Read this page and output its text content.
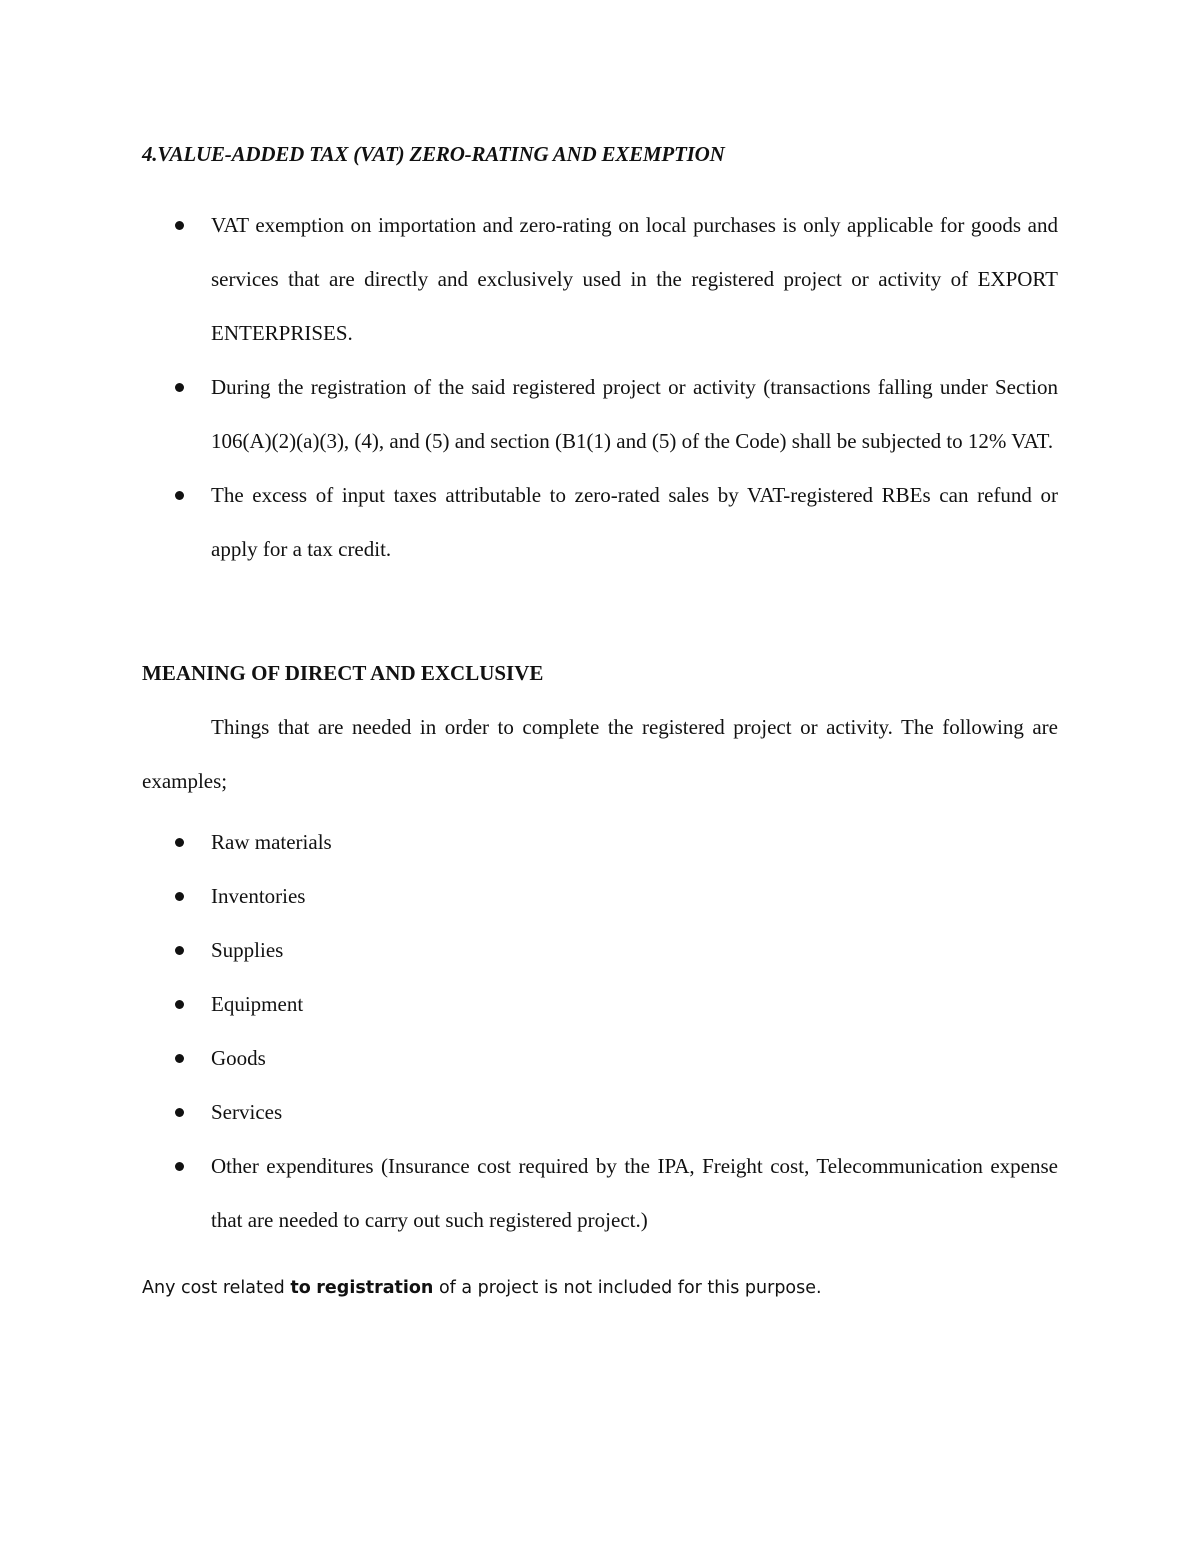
4.VALUE-ADDED TAX (VAT) ZERO-RATING AND EXEMPTION
VAT exemption on importation and zero-rating on local purchases is only applicable for goods and services that are directly and exclusively used in the registered project or activity of EXPORT ENTERPRISES.
During the registration of the said registered project or activity (transactions falling under Section 106(A)(2)(a)(3), (4), and (5) and section (B1(1) and (5) of the Code) shall be subjected to 12% VAT.
The excess of input taxes attributable to zero-rated sales by VAT-registered RBEs can refund or apply for a tax credit.
MEANING OF DIRECT AND EXCLUSIVE

Things that are needed in order to complete the registered project or activity. The following are examples;

Raw materials
Inventories
Supplies
Equipment
Goods
Services
Other expenditures (Insurance cost required by the IPA, Freight cost, Telecommunication expense that are needed to carry out such registered project.)
Any cost related to registration of a project is not included for this purpose.
